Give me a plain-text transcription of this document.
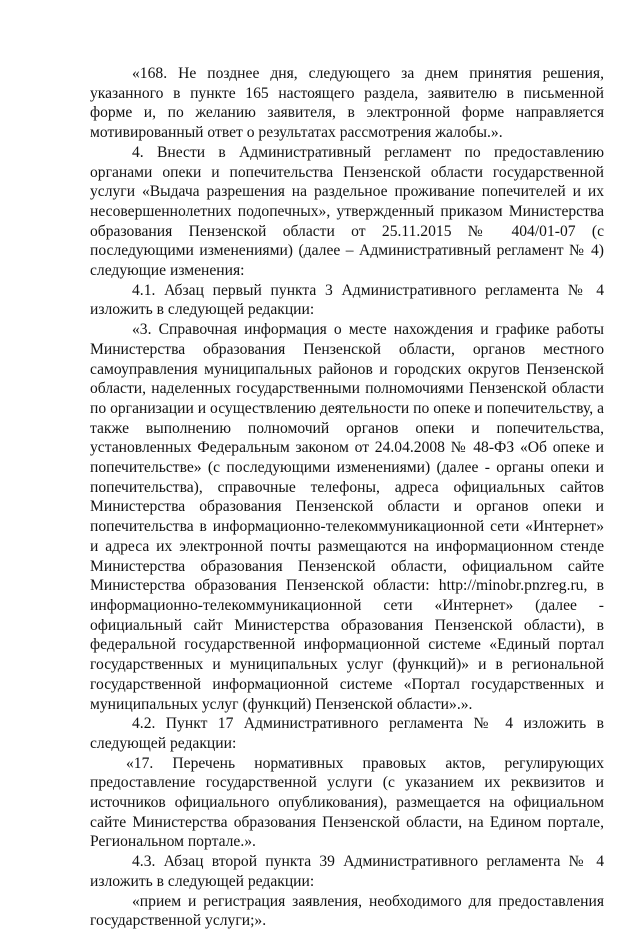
«168. Не позднее дня, следующего за днем принятия решения, указанного в пункте 165 настоящего раздела, заявителю в письменной форме и, по желанию заявителя, в электронной форме направляется мотивированный ответ о результатах рассмотрения жалобы.».

4. Внести в Административный регламент по предоставлению органами опеки и попечительства Пензенской области государственной услуги «Выдача разрешения на раздельное проживание попечителей и их несовершеннолетних подопечных», утвержденный приказом Министерства образования Пензенской области от 25.11.2015 № 404/01-07 (с последующими изменениями) (далее – Административный регламент № 4) следующие изменения:

4.1. Абзац первый пункта 3 Административного регламента № 4 изложить в следующей редакции:

«3. Справочная информация о месте нахождения и графике работы Министерства образования Пензенской области, органов местного самоуправления муниципальных районов и городских округов Пензенской области, наделенных государственными полномочиями Пензенской области по организации и осуществлению деятельности по опеке и попечительству, а также выполнению полномочий органов опеки и попечительства, установленных Федеральным законом от 24.04.2008 № 48-ФЗ «Об опеке и попечительстве» (с последующими изменениями) (далее - органы опеки и попечительства), справочные телефоны, адреса официальных сайтов Министерства образования Пензенской области и органов опеки и попечительства в информационно-телекоммуникационной сети «Интернет» и адреса их электронной почты размещаются на информационном стенде Министерства образования Пензенской области, официальном сайте Министерства образования Пензенской области: http://minobr.pnzreg.ru, в информационно-телекоммуникационной сети «Интернет» (далее - официальный сайт Министерства образования Пензенской области), в федеральной государственной информационной системе «Единый портал государственных и муниципальных услуг (функций)» и в региональной государственной информационной системе «Портал государственных и муниципальных услуг (функций) Пензенской области».».

4.2. Пункт 17 Административного регламента № 4 изложить в следующей редакции:

«17. Перечень нормативных правовых актов, регулирующих предоставление государственной услуги (с указанием их реквизитов и источников официального опубликования), размещается на официальном сайте Министерства образования Пензенской области, на Едином портале, Региональном портале.».

4.3. Абзац второй пункта 39 Административного регламента № 4 изложить в следующей редакции:

«прием и регистрация заявления, необходимого для предоставления государственной услуги;».
